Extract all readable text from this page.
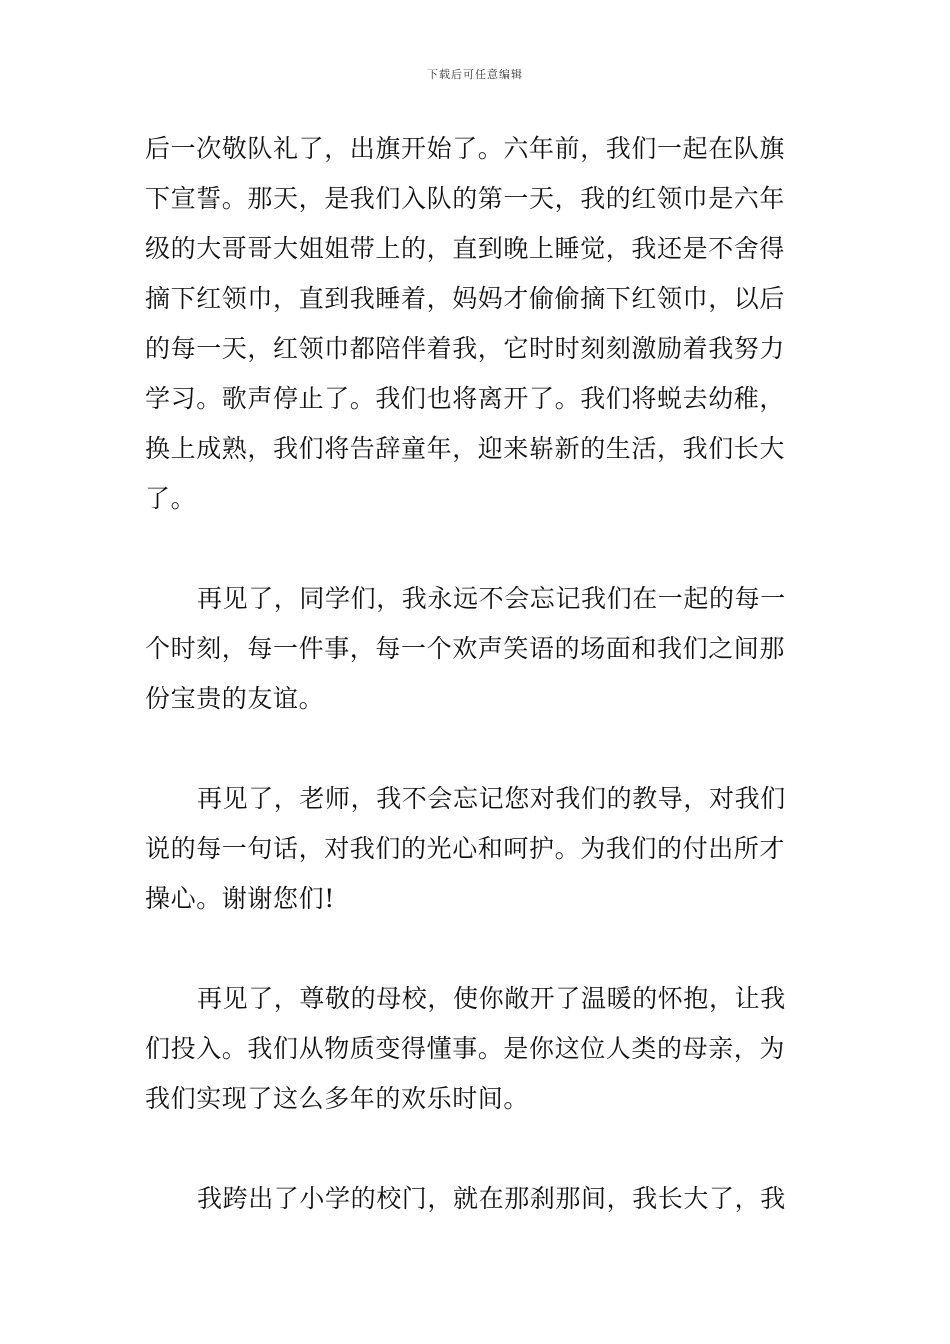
下载后可任意编辑
后一次敬队礼了，出旗开始了。六年前，我们一起在队旗
下宣誓。那天，是我们入队的第一天，我的红领巾是六年
级的大哥哥大姐姐带上的，直到晚上睡觉，我还是不舍得
摘下红领巾，直到我睡着，妈妈才偷偷摘下红领巾，以后
的每一天，红领巾都陪伴着我，它时时刻刻激励着我努力
学习。歌声停止了。我们也将离开了。我们将蜕去幼稚，
换上成熟，我们将告辞童年，迎来崭新的生活，我们长大
了。
再见了，同学们，我永远不会忘记我们在一起的每一
个时刻，每一件事，每一个欢声笑语的场面和我们之间那
份宝贵的友谊。
再见了，老师，我不会忘记您对我们的教导，对我们
说的每一句话，对我们的光心和呵护。为我们的付出所才
操心。谢谢您们!
再见了，尊敬的母校，使你敞开了温暖的怀抱，让我
们投入。我们从物质变得懂事。是你这位人类的母亲，为
我们实现了这么多年的欢乐时间。
我跨出了小学的校门，就在那刹那间，我长大了，我
